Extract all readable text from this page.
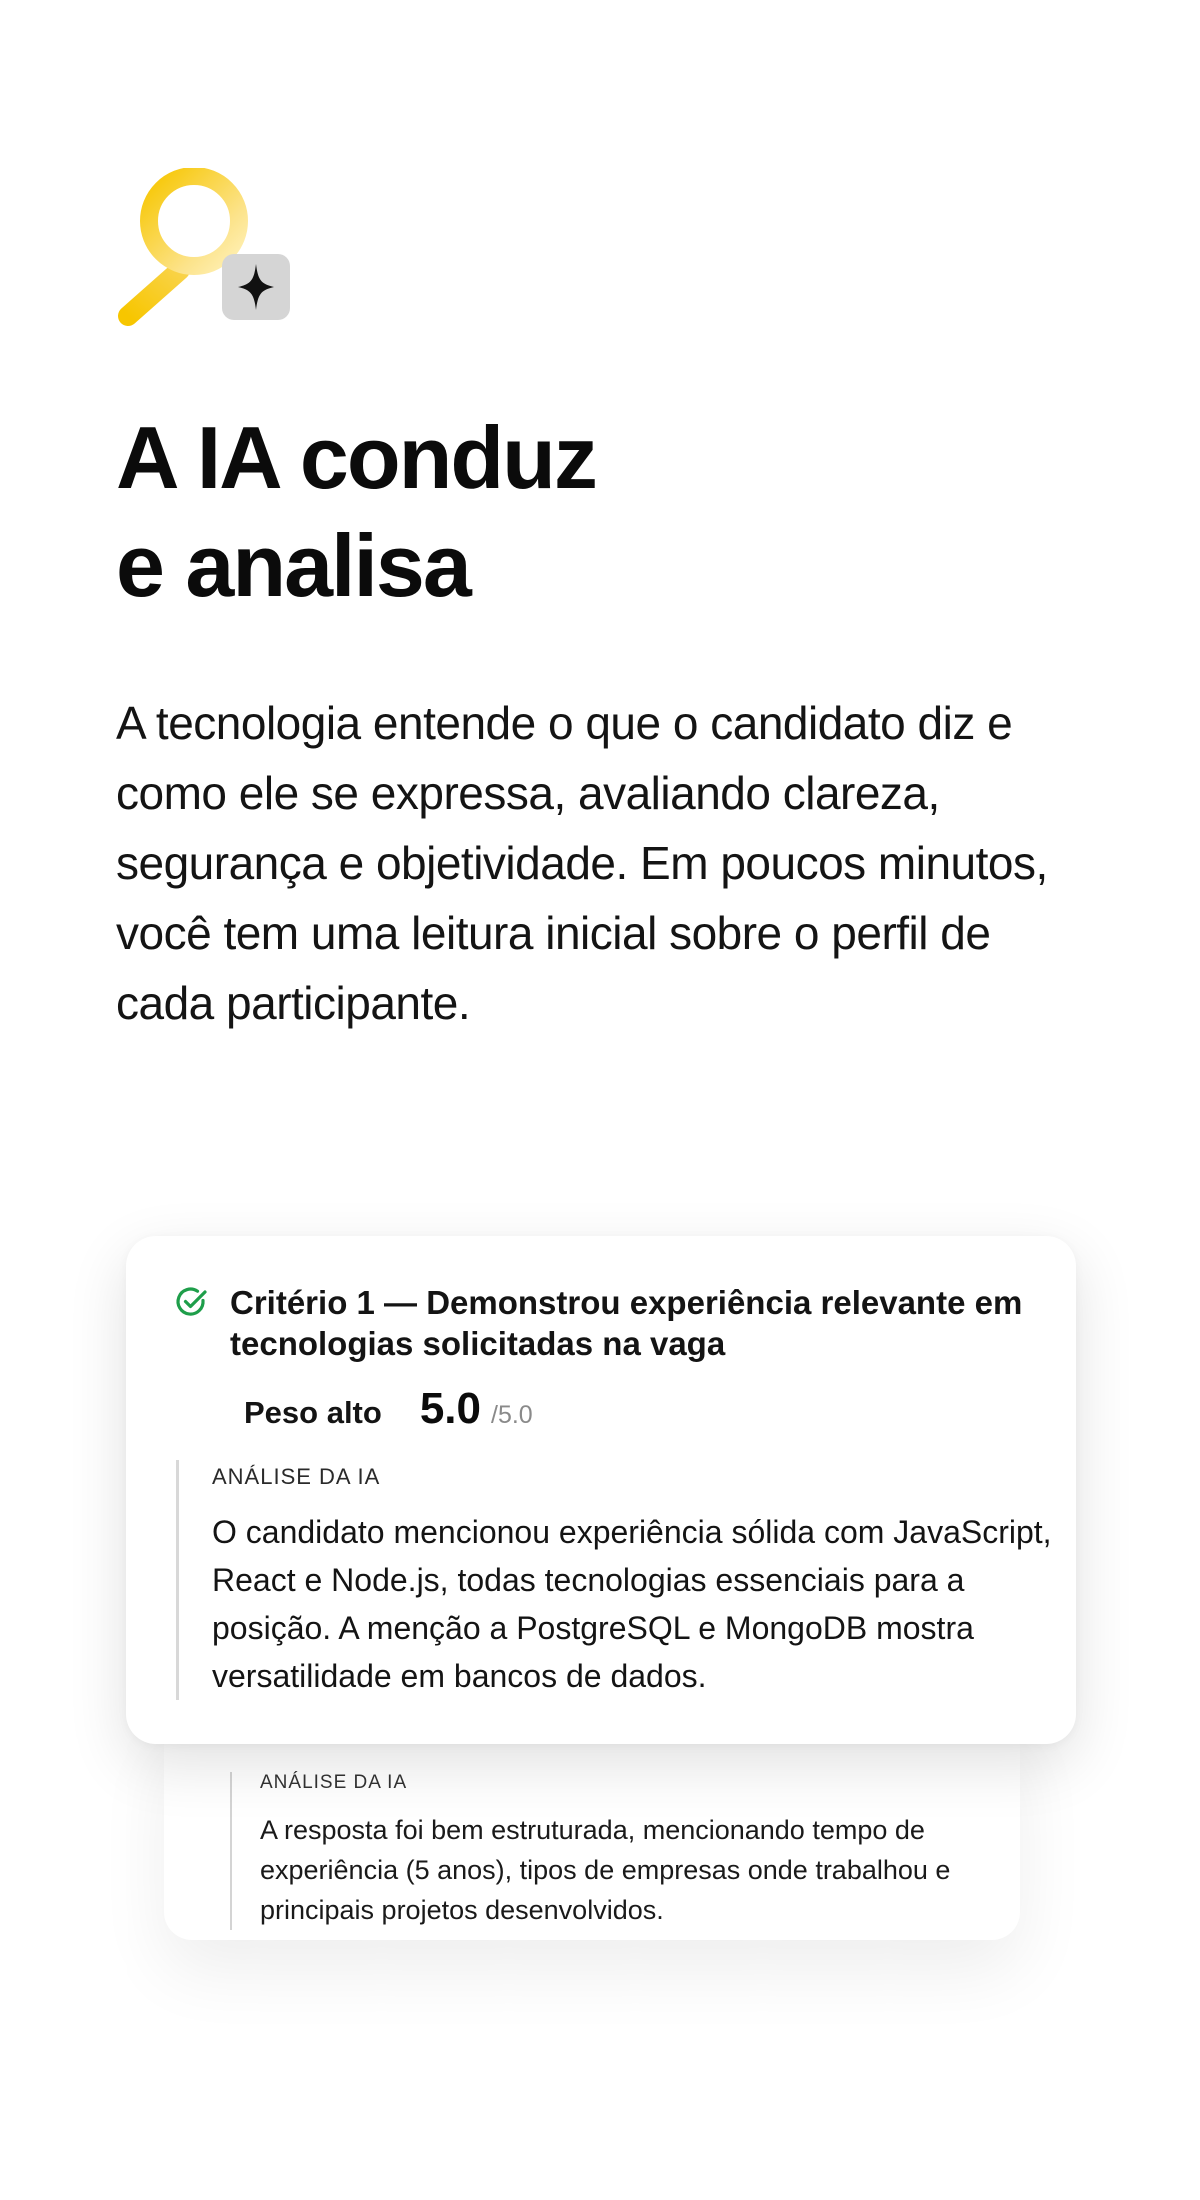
A IA conduz
e analisa

A tecnologia entende o que o candidato diz e como ele se expressa, avaliando clareza, segurança e objetividade. Em poucos minutos, você tem uma leitura inicial sobre o perfil de cada participante.

ANÁLISE DA IA
A resposta foi bem estruturada, mencionando tempo de experiência (5 anos), tipos de empresas onde trabalhou e principais projetos desenvolvidos.
Critério 1 — Demonstrou experiência relevante em tecnologias solicitadas na vaga
Peso alto 5.0 /5.0
ANÁLISE DA IA
O candidato mencionou experiência sólida com JavaScript, React e Node.js, todas tecnologias essenciais para a posição. A menção a PostgreSQL e MongoDB mostra versatilidade em bancos de dados.
